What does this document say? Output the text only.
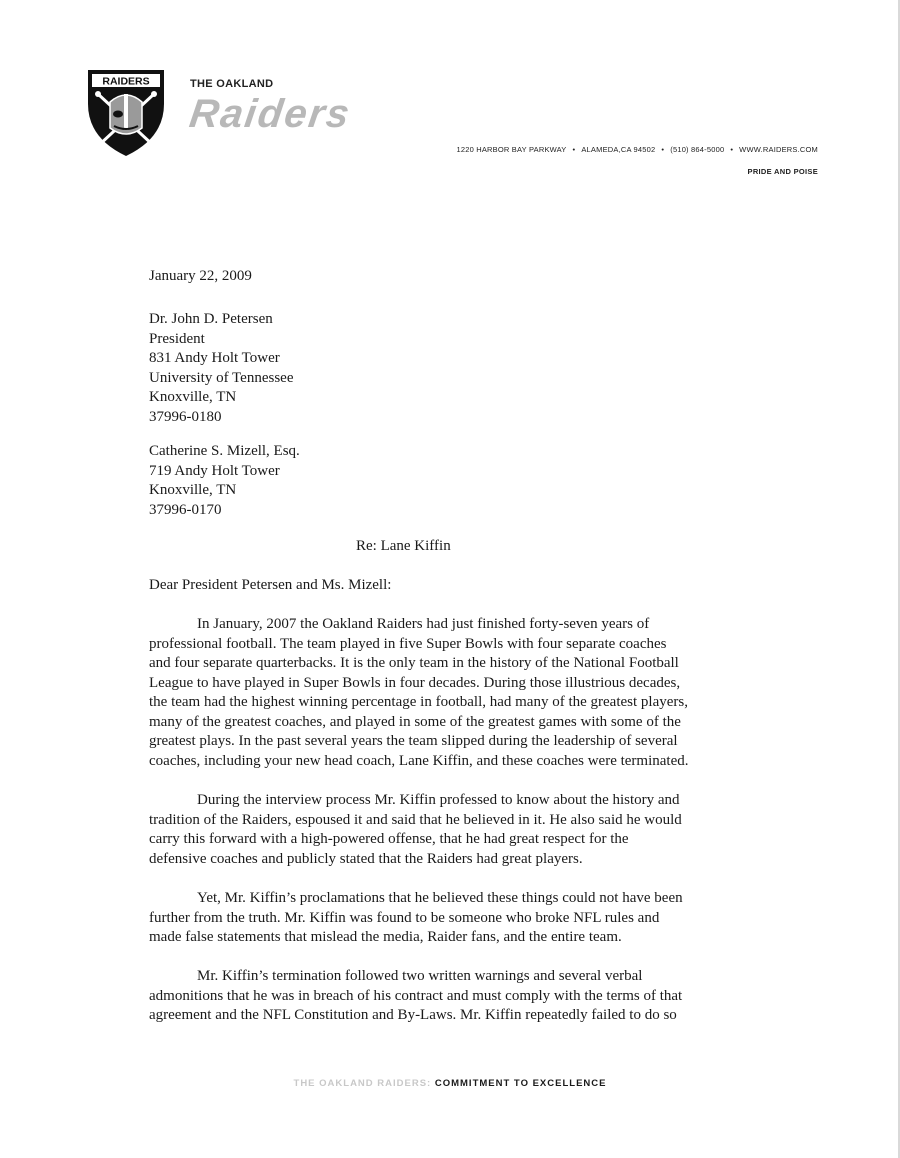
RAIDERS	THE OAKLAND
Raiders
1220 HARBOR BAY PARKWAY • ALAMEDA,CA 94502 • (510) 864-5000 • WWW.RAIDERS.COM
PRIDE AND POISE
January 22, 2009
Dr. John D. Petersen
President
831 Andy Holt Tower
University of Tennessee
Knoxville, TN
37996-0180
Catherine S. Mizell, Esq.
719 Andy Holt Tower
Knoxville, TN
37996-0170
Re: Lane Kiffin
Dear President Petersen and Ms. Mizell:
In January, 2007 the Oakland Raiders had just finished forty-seven years of
professional football. The team played in five Super Bowls with four separate coaches
and four separate quarterbacks. It is the only team in the history of the National Football
League to have played in Super Bowls in four decades. During those illustrious decades,
the team had the highest winning percentage in football, had many of the greatest players,
many of the greatest coaches, and played in some of the greatest games with some of the
greatest plays. In the past several years the team slipped during the leadership of several
coaches, including your new head coach, Lane Kiffin, and these coaches were terminated.
During the interview process Mr. Kiffin professed to know about the history and
tradition of the Raiders, espoused it and said that he believed in it. He also said he would
carry this forward with a high-powered offense, that he had great respect for the
defensive coaches and publicly stated that the Raiders had great players.
Yet, Mr. Kiffin’s proclamations that he believed these things could not have been
further from the truth. Mr. Kiffin was found to be someone who broke NFL rules and
made false statements that mislead the media, Raider fans, and the entire team.
Mr. Kiffin’s termination followed two written warnings and several verbal
admonitions that he was in breach of his contract and must comply with the terms of that
agreement and the NFL Constitution and By-Laws. Mr. Kiffin repeatedly failed to do so
THE OAKLAND RAIDERS: COMMITMENT TO EXCELLENCE
